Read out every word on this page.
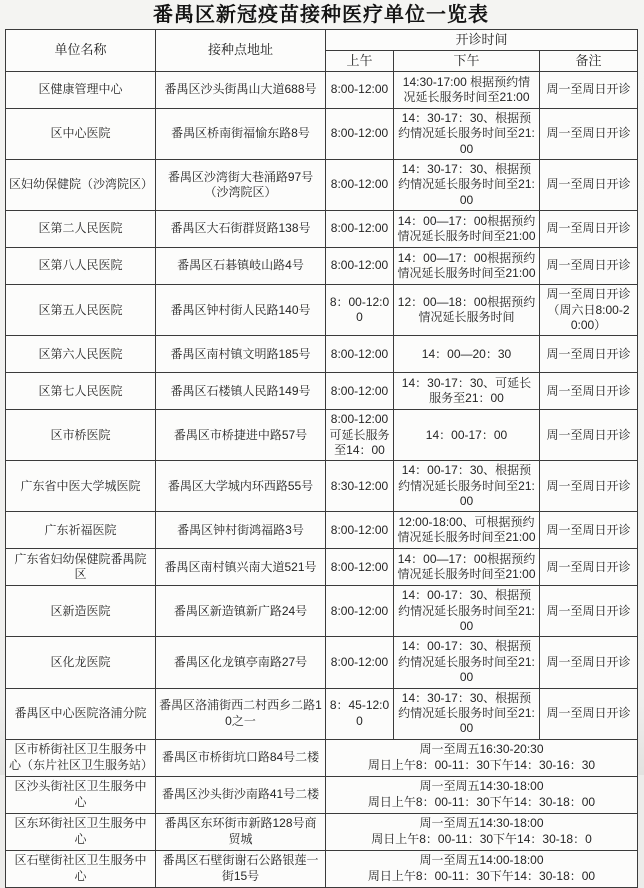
番禺区新冠疫苗接种医疗单位一览表
单位名称	接种点地址	开诊时间		
		上午	下午	备注
区健康管理中心	番禺区沙头街禺山大道688号	8:00-12:00	14:30-17:00 根据预约情况延长服务时间至21:00	周一至周日开诊
区中心医院	番禺区桥南街福愉东路8号	8:00-12:00	14：30-17：30、根据预约情况延长服务时间至21:00	周一至周日开诊
区妇幼保健院（沙湾院区）	番禺区沙湾街大巷涌路97号（沙湾院区）	8:00-12:00	14：30-17：30、根据预约情况延长服务时间至21:00	周一至周日开诊
区第二人民医院	番禺区大石街群贤路138号	8:00-12:00	14：00—17：00根据预约情况延长服务时间至21:00	周一至周日开诊
区第八人民医院	番禺区石碁镇岐山路4号	8:00-12:00	14：00—17：00根据预约情况延长服务时间至21:00	周一至周日开诊
区第五人民医院	番禺区钟村街人民路140号	8：00-12:00	12：00—18：00根据预约情况延长服务时间	周一至周日开诊（周六日8:00-20:00）
区第六人民医院	番禺区南村镇文明路185号	8:00-12:00	14：00—20：30	周一至周日开诊
区第七人民医院	番禺区石楼镇人民路149号	8:00-12:00	14：30-17：30、可延长服务至21：00	周一至周日开诊
区市桥医院	番禺区市桥捷进中路57号	8:00-12:00可延长服务至14：00	14：00-17：00	周一至周日开诊
广东省中医大学城医院	番禺区大学城内环西路55号	8:30-12:00	14：00-17：30、根据预约情况延长服务时间至21:00	周一至周日开诊
广东祈福医院	番禺区钟村街鸿福路3号	8:00-12:00	12:00-18:00、可根据预约情况延长服务时间至21:00	周一至周日开诊
广东省妇幼保健院番禺院区	番禺区南村镇兴南大道521号	8:00-12:00	14：00—17：00根据预约情况延长服务时间至21:00	周一至周日开诊
区新造医院	番禺区新造镇新广路24号	8:00-12:00	14：00-17：30、根据预约情况延长服务时间至21:00	周一至周日开诊
区化龙医院	番禺区化龙镇亭南路27号	8:00-12:00	14：00-17：30、根据预约情况延长服务时间至21:00	周一至周日开诊
番禺区中心医院洛浦分院	番禺区洛浦街西二村西乡二路10之一	8：45-12:00	14：30-17：30、根据预约情况延长服务时间至21:00	周一至周日开诊
区市桥街社区卫生服务中心（东片社区卫生服务站）	番禺区市桥街坑口路84号二楼	周一至周五16:30-20:30
周日上午8：00-11：30下午14：30-16：30		

区沙头街社区卫生服务中心	番禺区沙头街沙南路41号二楼	周一至周五14:30-18:00
周日上午8：00-11：30下午14：30-18：00		

区东环街社区卫生服务中心	番禺区东环街市新路128号商贸城	周一至周五14:30-18:00
周日上午8：00-11：30下午14：30-18：0		

区石壁街社区卫生服务中心	番禺区石壁街谢石公路银莲一街15号	周一至周五14:00-18:00
周日上午8：00-11：30下午14：30-18：00		
